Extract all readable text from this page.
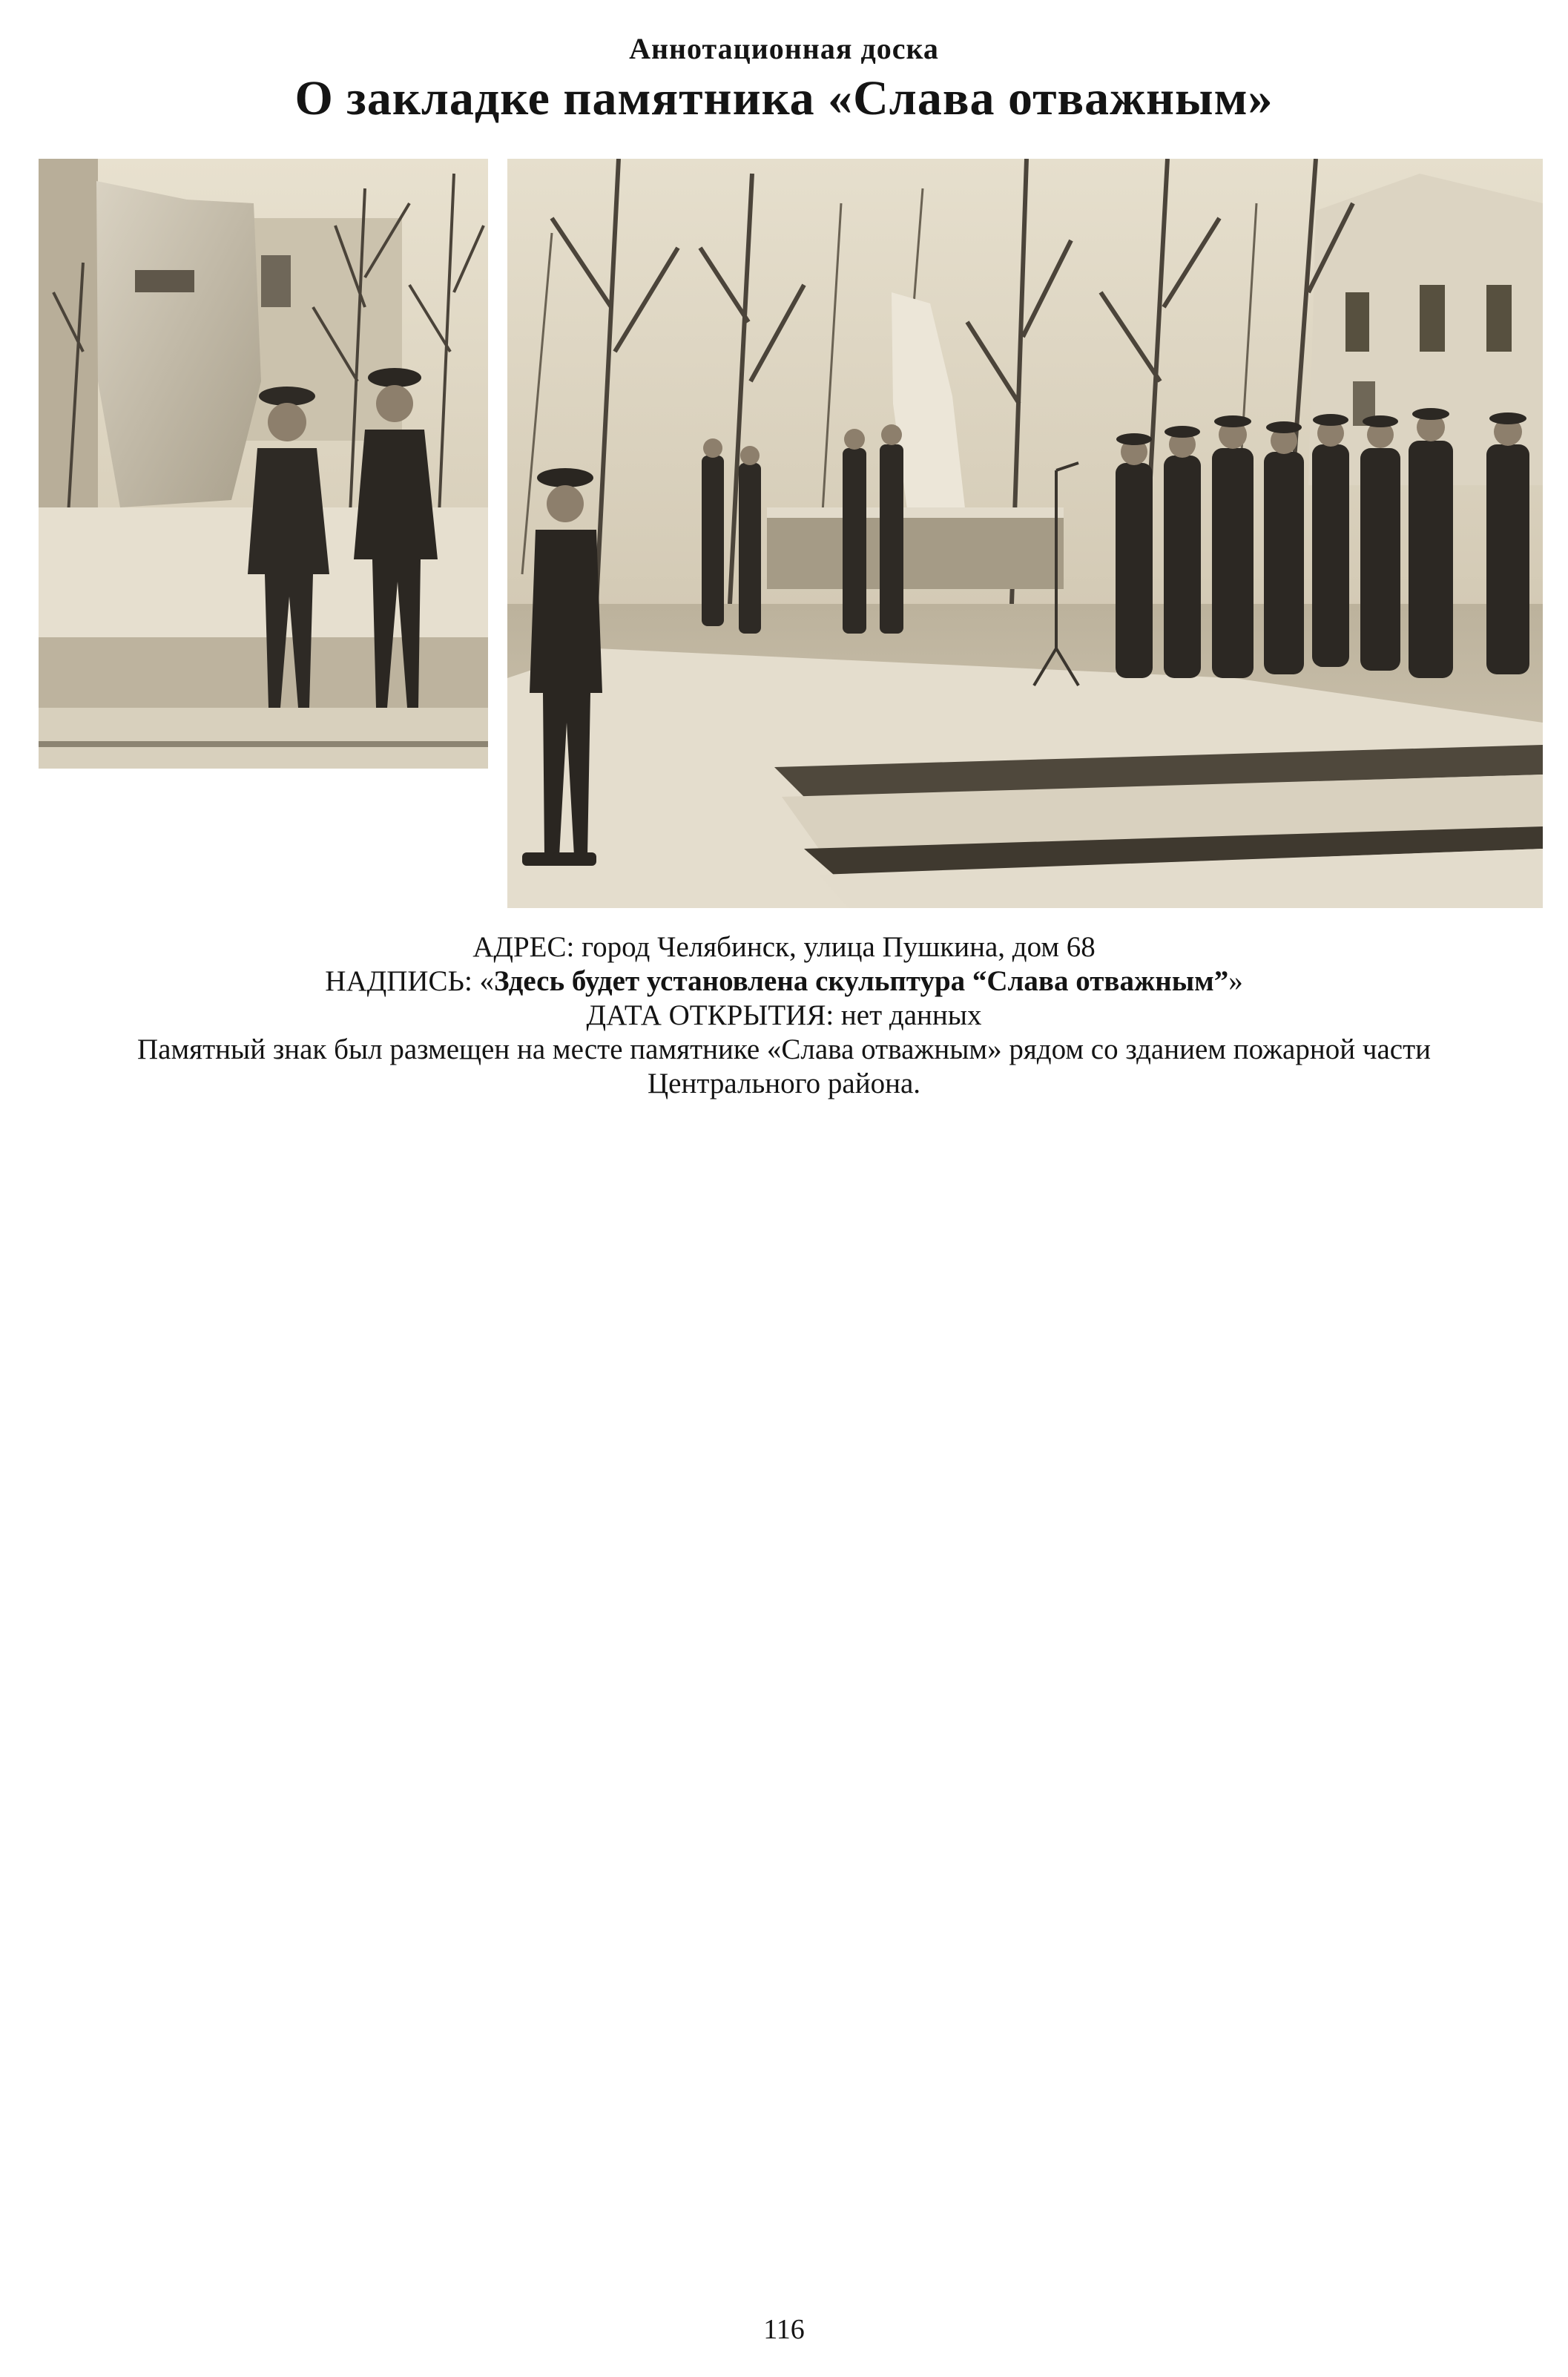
Аннотационная доска
О закладке памятника «Слава отважным»

АДРЕС: город Челябинск, улица Пушкина, дом 68

НАДПИСЬ: «Здесь будет установлена скульптура “Слава отважным”»

ДАТА ОТКРЫТИЯ: нет данных

Памятный знак был размещен на месте памятнике «Слава отважным» рядом со зданием пожарной части Центрального района.

116
